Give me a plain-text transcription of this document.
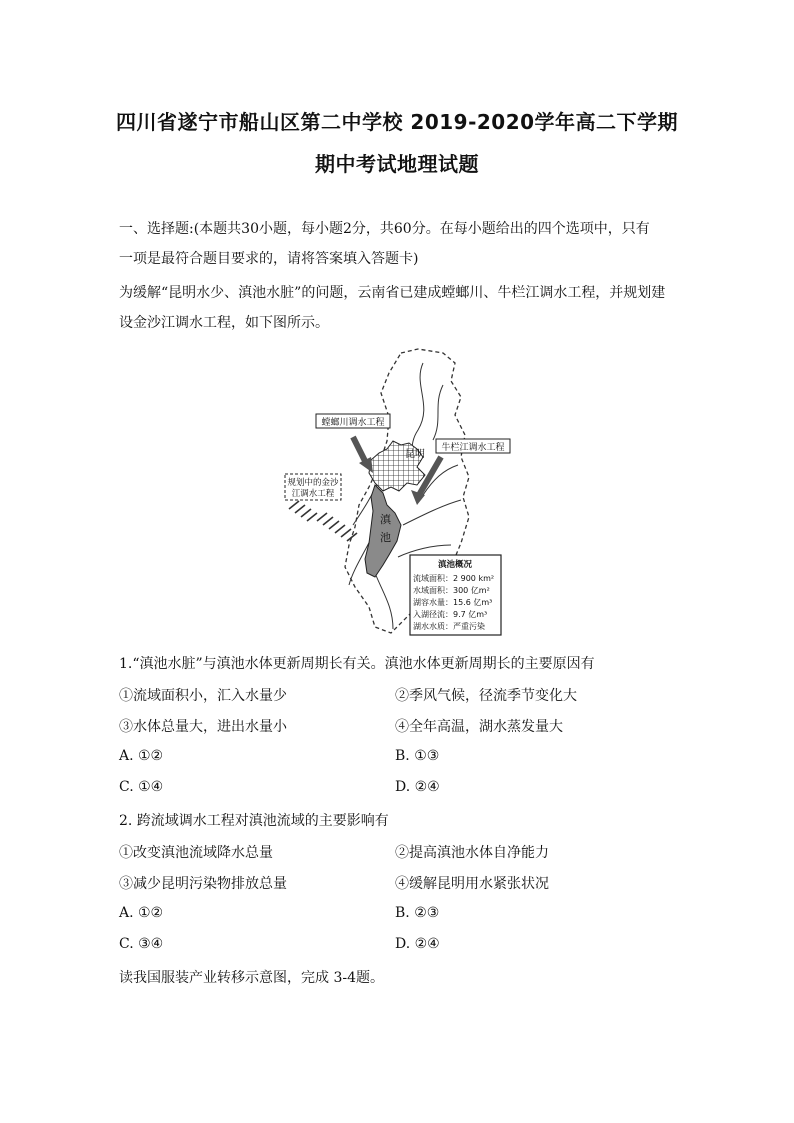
四川省遂宁市船山区第二中学校 2019-2020学年高二下学期
期中考试地理试题
一、选择题:(本题共30小题，每小题2分，共60分。在每小题给出的四个选项中，只有
一项是最符合题目要求的，请将答案填入答题卡)
为缓解“昆明水少、滇池水脏”的问题，云南省已建成螳螂川、牛栏江调水工程，并规划建
设金沙江调水工程，如下图所示。
螳螂川调水工程
牛栏江调水工程
规划中的金沙
江调水工程
昆明
滇
池
滇池概况
流域面积：2 900 km²
水域面积：300 亿m²
湖容水量：15.6 亿m³
入湖径流：9.7 亿m³
湖水水质：严重污染
1.“滇池水脏”与滇池水体更新周期长有关。滇池水体更新周期长的主要原因有
①流域面积小，汇入水量少	②季风气候，径流季节变化大
③水体总量大，进出水量小	④全年高温，湖水蒸发量大
A. ①②	B. ①③
C. ①④	D. ②④
2. 跨流域调水工程对滇池流域的主要影响有
①改变滇池流域降水总量	②提高滇池水体自净能力
③减少昆明污染物排放总量	④缓解昆明用水紧张状况
A. ①②	B. ②③
C. ③④	D. ②④
读我国服装产业转移示意图，完成 3-4题。
